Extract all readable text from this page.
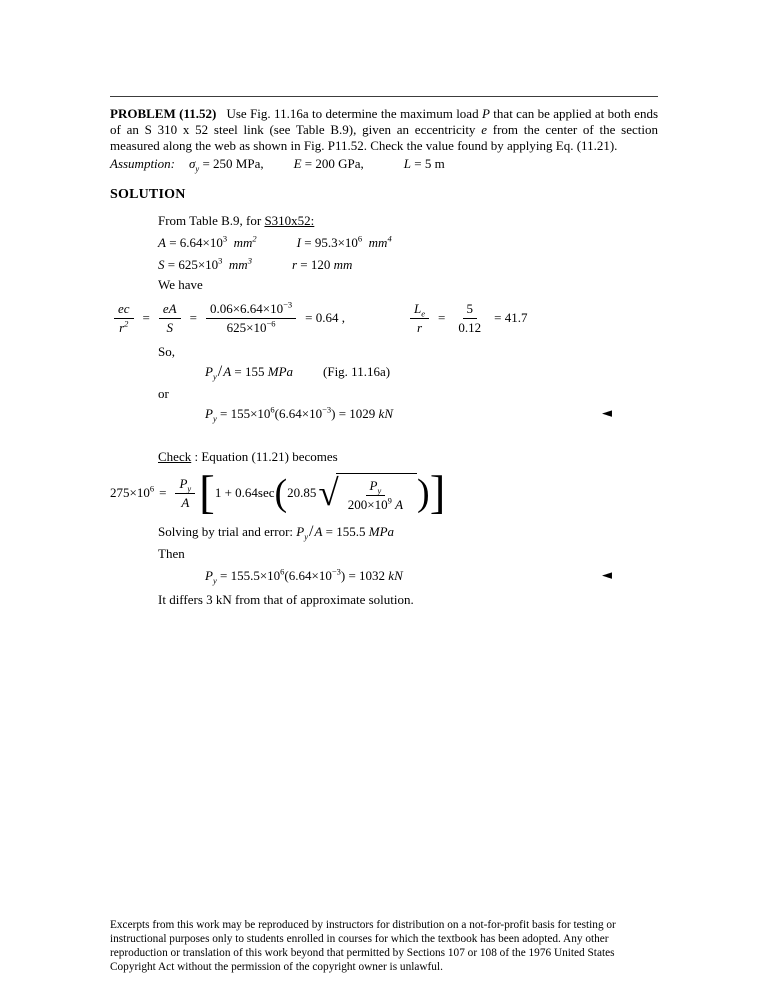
PROBLEM (11.52)   Use Fig. 11.16a to determine the maximum load P that can be applied at both ends of an S 310 x 52 steel link (see Table B.9), given an eccentricity e from the center of the section measured along the web as shown in Fig. P11.52. Check the value found by applying Eq. (11.21).

Assumption: $\sigma_y = 250$ MPa, E = 200 GPa,	L = 5 m

SOLUTION

From Table B.9, for S310x52:

$A = 6.64\times 10^3$ $mm^2$	$I = 95.3\times 10^6$ $mm^4$

$S = 625\times 10^3$ $mm^3$	r = 120 mm

We have

$\frac{ec}{r^2} = \frac{eA}{S} = \frac{0.06\times 6.64\times 10^{-3}}{625\times 10^{-6}} = 0.64$ ,	$\frac{L_e}{r} = \frac{5}{0.12} = 41.7$

So,

$P_y/A = 155$ MPa (Fig. 11.16a)

or

$P_y = 155\times 10^6(6.64\times 10^{-3}) = 1029$ kN	◄

Check : Equation (11.21) becomes

$275\times 10^6 = \frac{P_y}{A}$ [ 1 + 0.64sec ( 20.85 √ $\frac{P_y}{200\times 10^9 A}$ ) ]

Solving by trial and error: $P_y/A = 155.5$ MPa

Then

$P_y = 155.5\times 10^6(6.64\times 10^{-3}) = 1032$ kN	◄

It differs 3 kN from that of approximate solution.

Excerpts from this work may be reproduced by instructors for distribution on a not-for-profit basis for testing or instructional purposes only to students enrolled in courses for which the textbook has been adopted. Any other reproduction or translation of this work beyond that permitted by Sections 107 or 108 of the 1976 United States Copyright Act without the permission of the copyright owner is unlawful.
